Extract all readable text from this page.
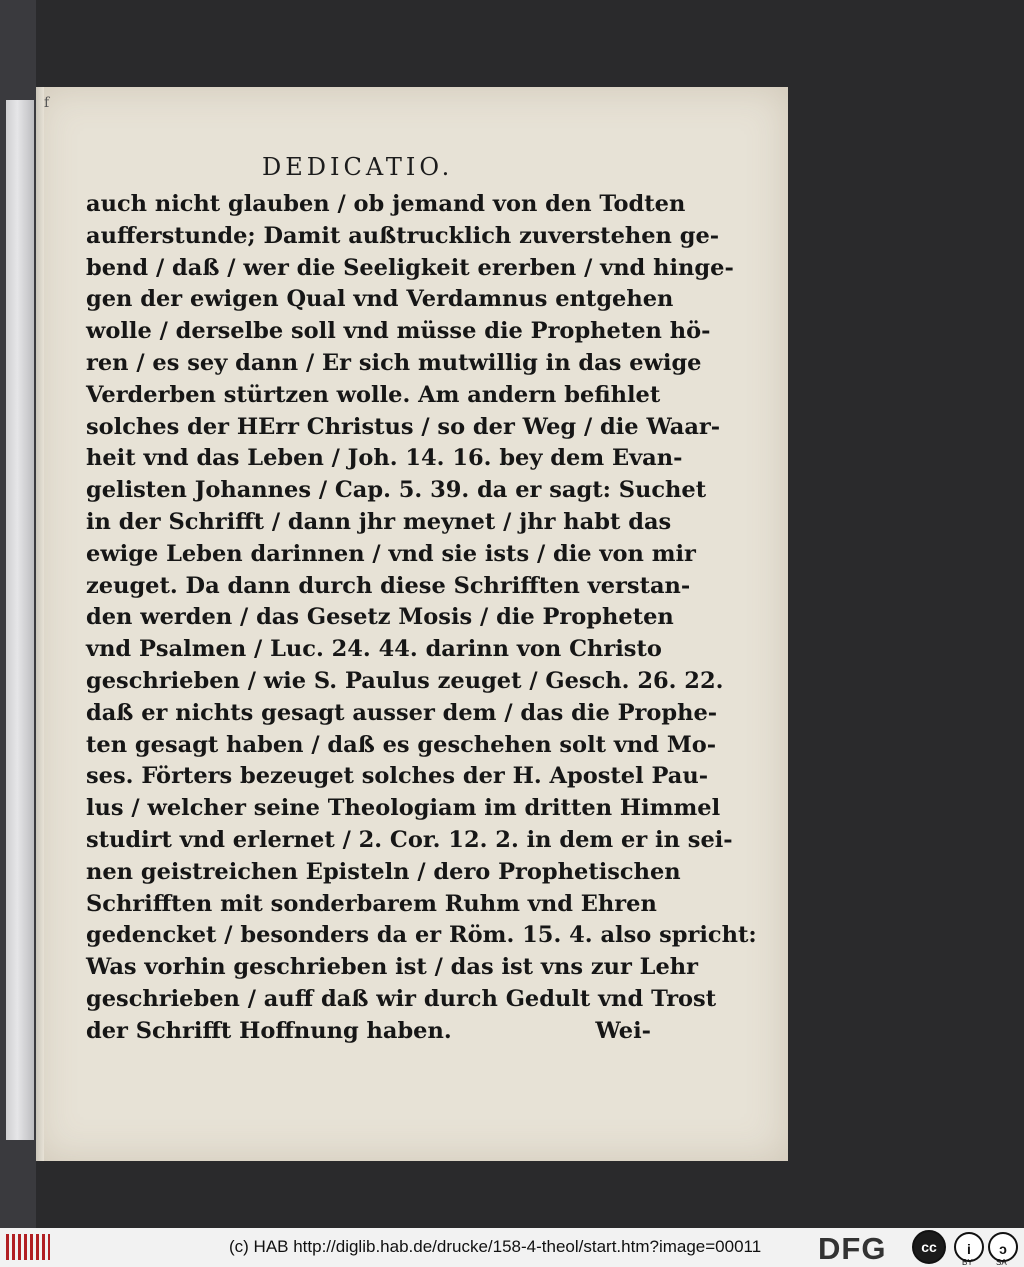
f
DEDICATIO.
auch nicht glauben / ob jemand von den Todten
aufferstunde; Damit außtrucklich zuverstehen ge-
bend / daß / wer die Seeligkeit ererben / vnd hinge-
gen der ewigen Qual vnd Verdamnus entgehen
wolle / derselbe soll vnd müsse die Propheten hö-
ren / es sey dann / Er sich mutwillig in das ewige
Verderben stürtzen wolle. Am andern befihlet
solches der HErr Christus / so der Weg / die Waar-
heit vnd das Leben / Joh. 14. 16. bey dem Evan-
gelisten Johannes / Cap. 5. 39. da er sagt: Suchet
in der Schrifft / dann jhr meynet / jhr habt das
ewige Leben darinnen / vnd sie ists / die von mir
zeuget. Da dann durch diese Schrifften verstan-
den werden / das Gesetz Mosis / die Propheten
vnd Psalmen / Luc. 24. 44. darinn von Christo
geschrieben / wie S. Paulus zeuget / Gesch. 26. 22.
daß er nichts gesagt ausser dem / das die Prophe-
ten gesagt haben / daß es geschehen solt vnd Mo-
ses. Förters bezeuget solches der H. Apostel Pau-
lus / welcher seine Theologiam im dritten Himmel
studirt vnd erlernet / 2. Cor. 12. 2. in dem er in sei-
nen geistreichen Episteln / dero Prophetischen
Schrifften mit sonderbarem Ruhm vnd Ehren
gedencket / besonders da er Röm. 15. 4. also spricht:
Was vorhin geschrieben ist / das ist vns zur Lehr
geschrieben / auff daß wir durch Gedult vnd Trost
der Schrifft Hoffnung haben.	Wei-
(c) HAB http://diglib.hab.de/drucke/158-4-theol/start.htm?image=00011 DFG	cc	i	ↄ
BY	SA
